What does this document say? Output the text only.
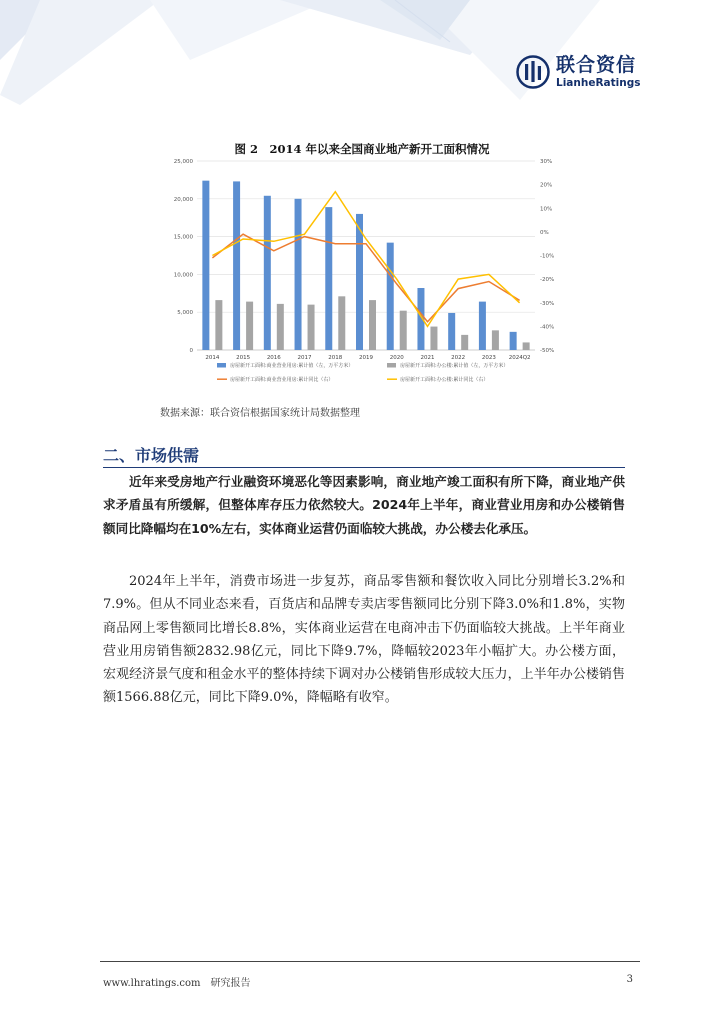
联合资信
LianheRatings
图 2　2014 年以来全国商业地产新开工面积情况
0
5,000
10,000
15,000
20,000
25,000
-50%
-40%
-30%
-20%
-10%
0%
10%
20%
30%
2014	2015	2016	2017	2018	2019	2020	2021	2022	2023 2024Q2
房屋新开工面积:商业营业用房:累计值（左，万平方米）	房屋新开工面积:办公楼:累计值（左，万平方米）
房屋新开工面积:商业营业用房:累计同比（右）	房屋新开工面积:办公楼:累计同比（右）
数据来源：联合资信根据国家统计局数据整理
二、市场供需

近年来受房地产行业融资环境恶化等因素影响，商业地产竣工面积有所下降，商业地产供求矛盾虽有所缓解，但整体库存压力依然较大。2024年上半年，商业营业用房和办公楼销售额同比降幅均在10%左右，实体商业运营仍面临较大挑战，办公楼去化承压。

2024年上半年，消费市场进一步复苏，商品零售额和餐饮收入同比分别增长3.2%和7.9%。但从不同业态来看，百货店和品牌专卖店零售额同比分别下降3.0%和1.8%，实物商品网上零售额同比增长8.8%，实体商业运营在电商冲击下仍面临较大挑战。上半年商业营业用房销售额2832.98亿元，同比下降9.7%，降幅较2023年小幅扩大。办公楼方面，宏观经济景气度和租金水平的整体持续下调对办公楼销售形成较大压力，上半年办公楼销售额1566.88亿元，同比下降9.0%，降幅略有收窄。

www.lhratings.com　研究报告	3
